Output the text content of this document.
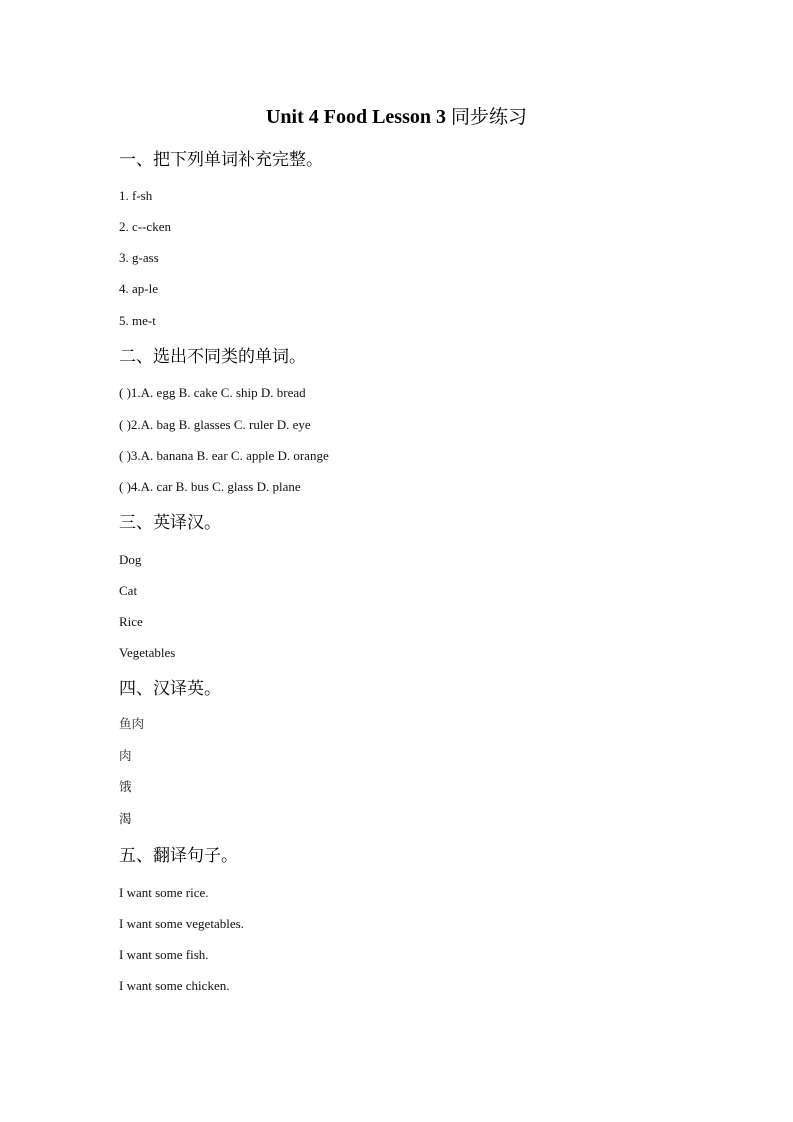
Unit 4 Food Lesson 3 同步练习
一、把下列单词补充完整。
1. f-sh
2. c--cken
3. g-ass
4. ap-le
5. me-t
二、选出不同类的单词。
( )1.A. egg B. cake C. ship D. bread
( )2.A. bag B. glasses C. ruler D. eye
( )3.A. banana B. ear C. apple D. orange
( )4.A. car B. bus C. glass D. plane
三、英译汉。
Dog
Cat
Rice
Vegetables
四、汉译英。
鱼肉
肉
饿
渴
五、翻译句子。
I want some rice.
I want some vegetables.
I want some fish.
I want some chicken.
